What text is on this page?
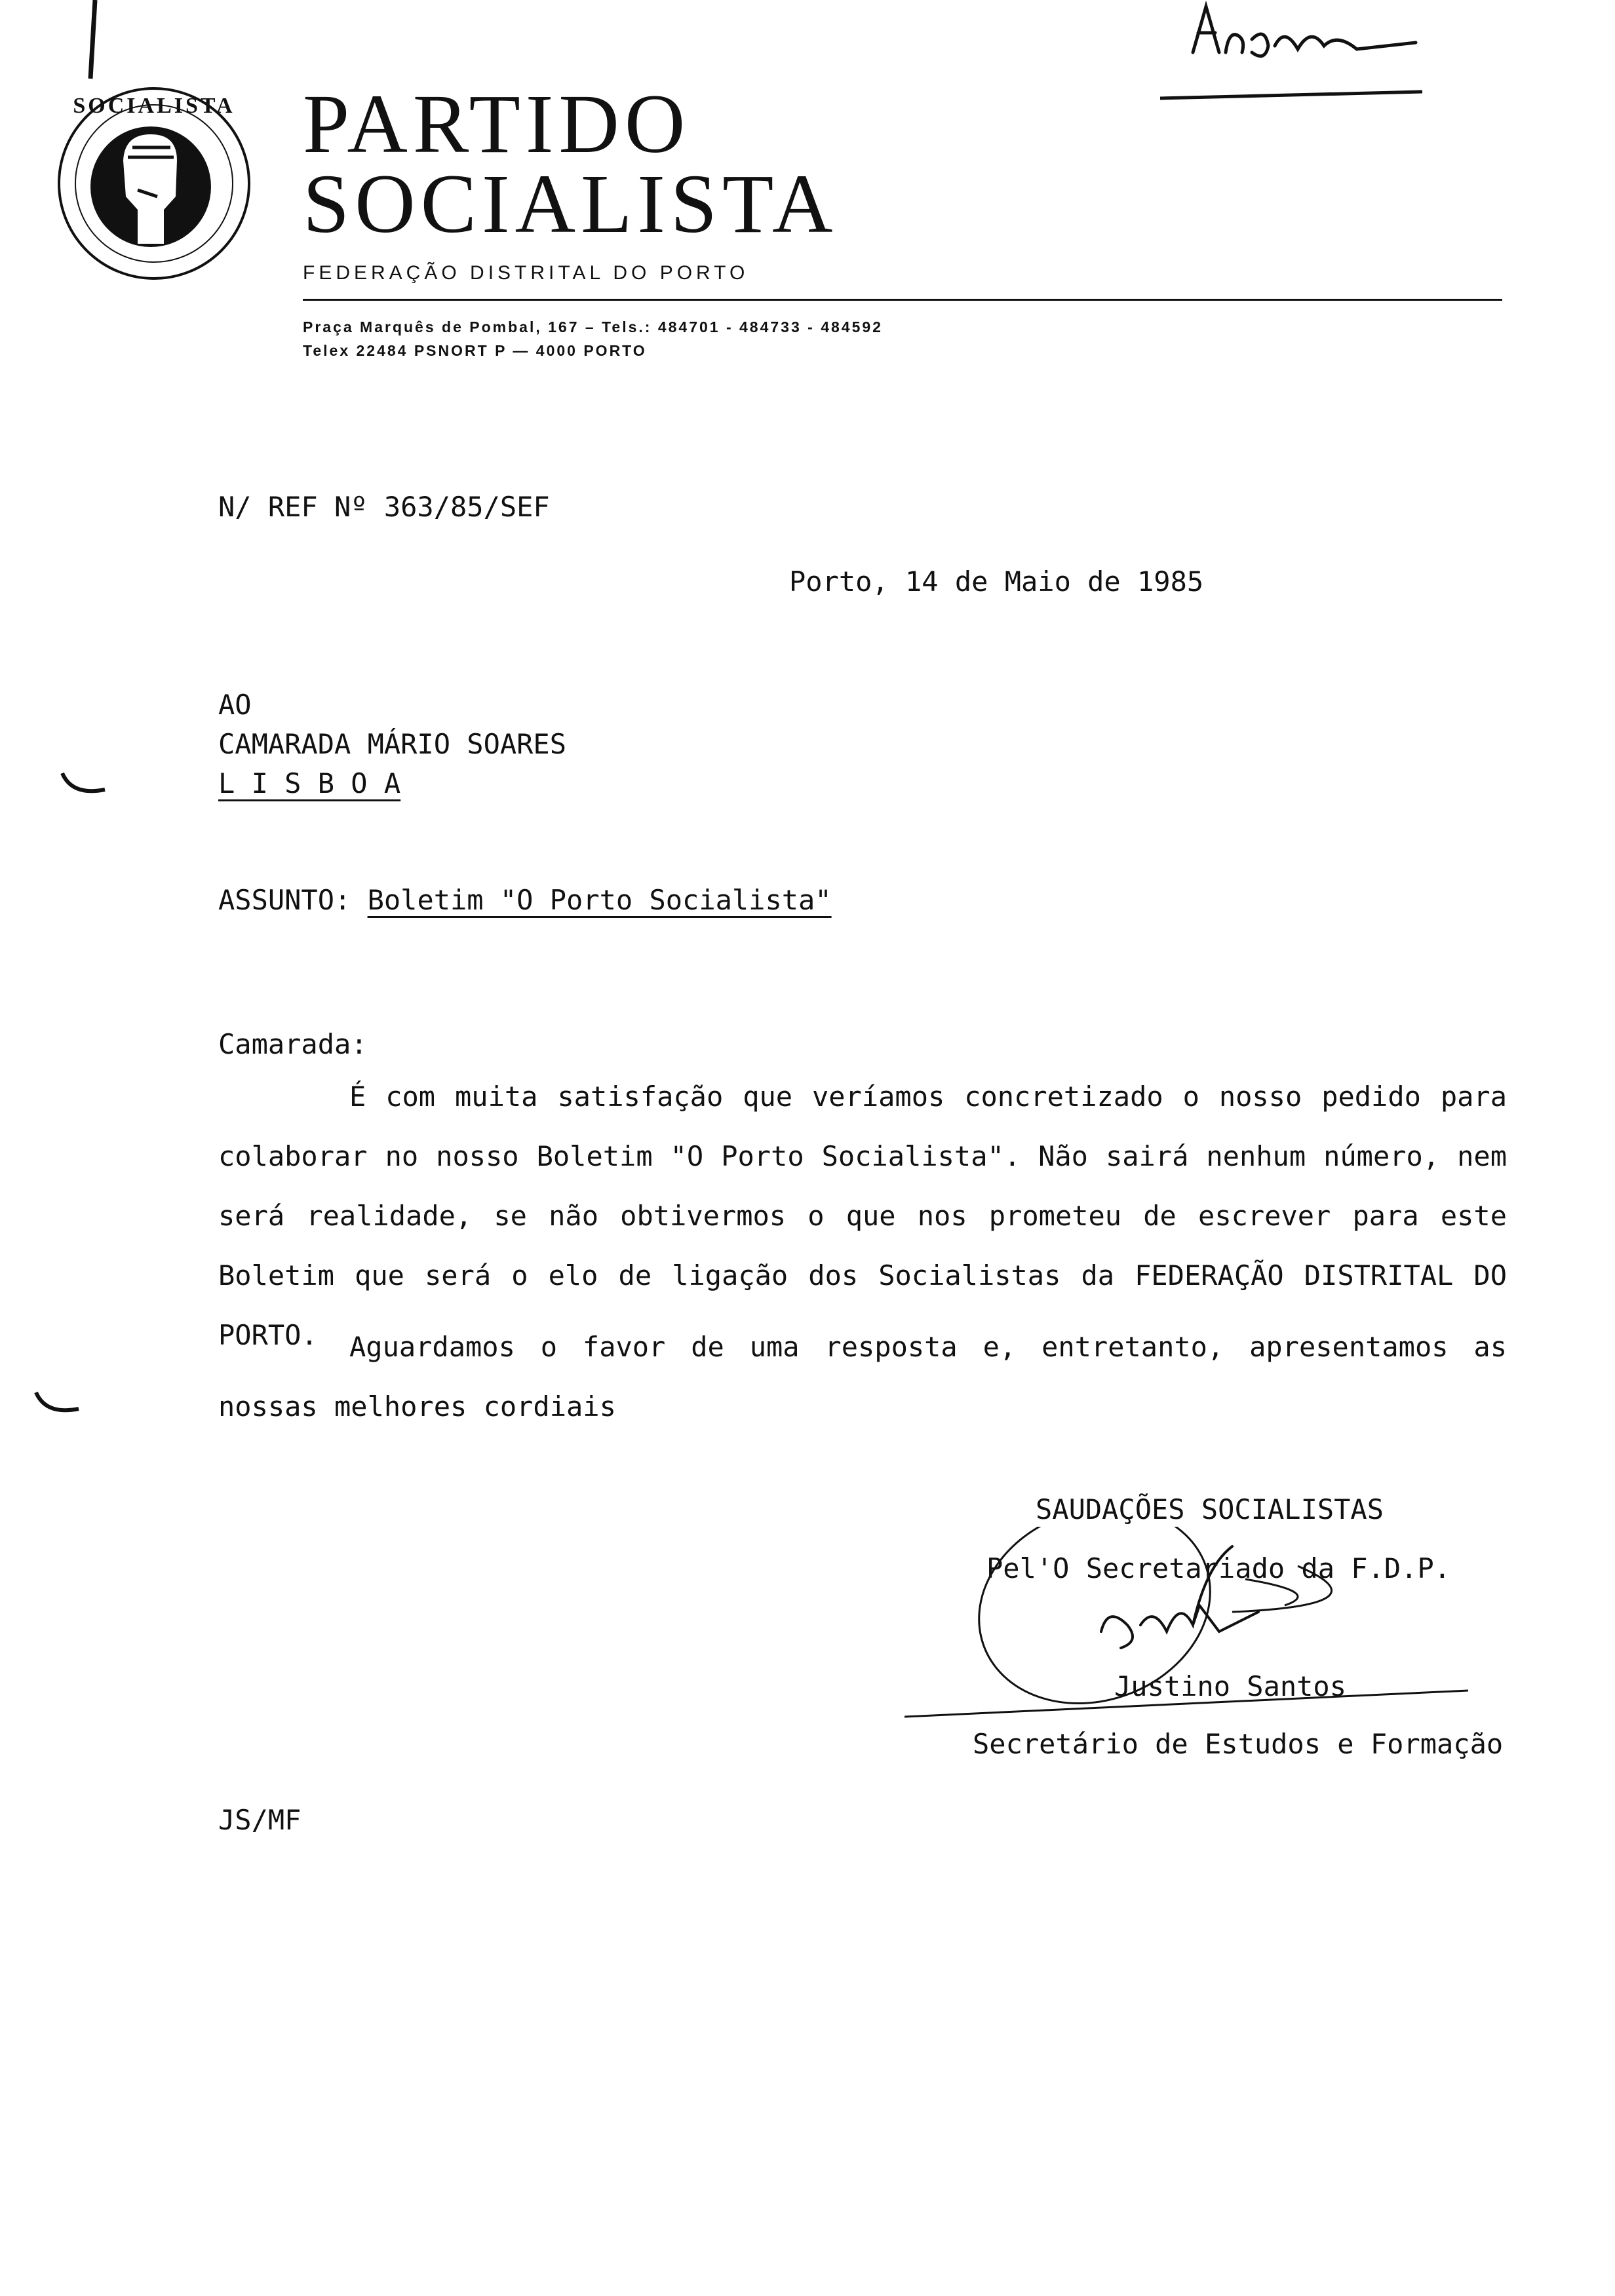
SOCIALISTA PARTIDO
SOCIALISTA
FEDERAÇÃO DISTRITAL DO PORTO
Praça Marquês de Pombal, 167 – Tels.: 484701 - 484733 - 484592
Telex 22484 PSNORT P — 4000 PORTO
N/ REF Nº 363/85/SEF
Porto, 14 de Maio de 1985
AO
CAMARADA MÁRIO SOARES
L I S B O A
ASSUNTO: Boletim "O Porto Socialista"
Camarada:

É com muita satisfação que veríamos concretizado o nosso pedido para colaborar no nosso Boletim "O Porto Socialista". Não sairá nenhum número, nem será realidade, se não obtivermos o que nos prometeu de escrever para este Boletim que será o elo de ligação dos Socialistas da FEDERAÇÃO DISTRITAL DO PORTO.	Aguardamos o favor de uma resposta e, entretanto, apresentamos as nossas melhores cordiais

SAUDAÇÕES SOCIALISTAS
Pel'O Secretariado da F.D.P.
Justino Santos
Secretário de Estudos e Formação
JS/MF
